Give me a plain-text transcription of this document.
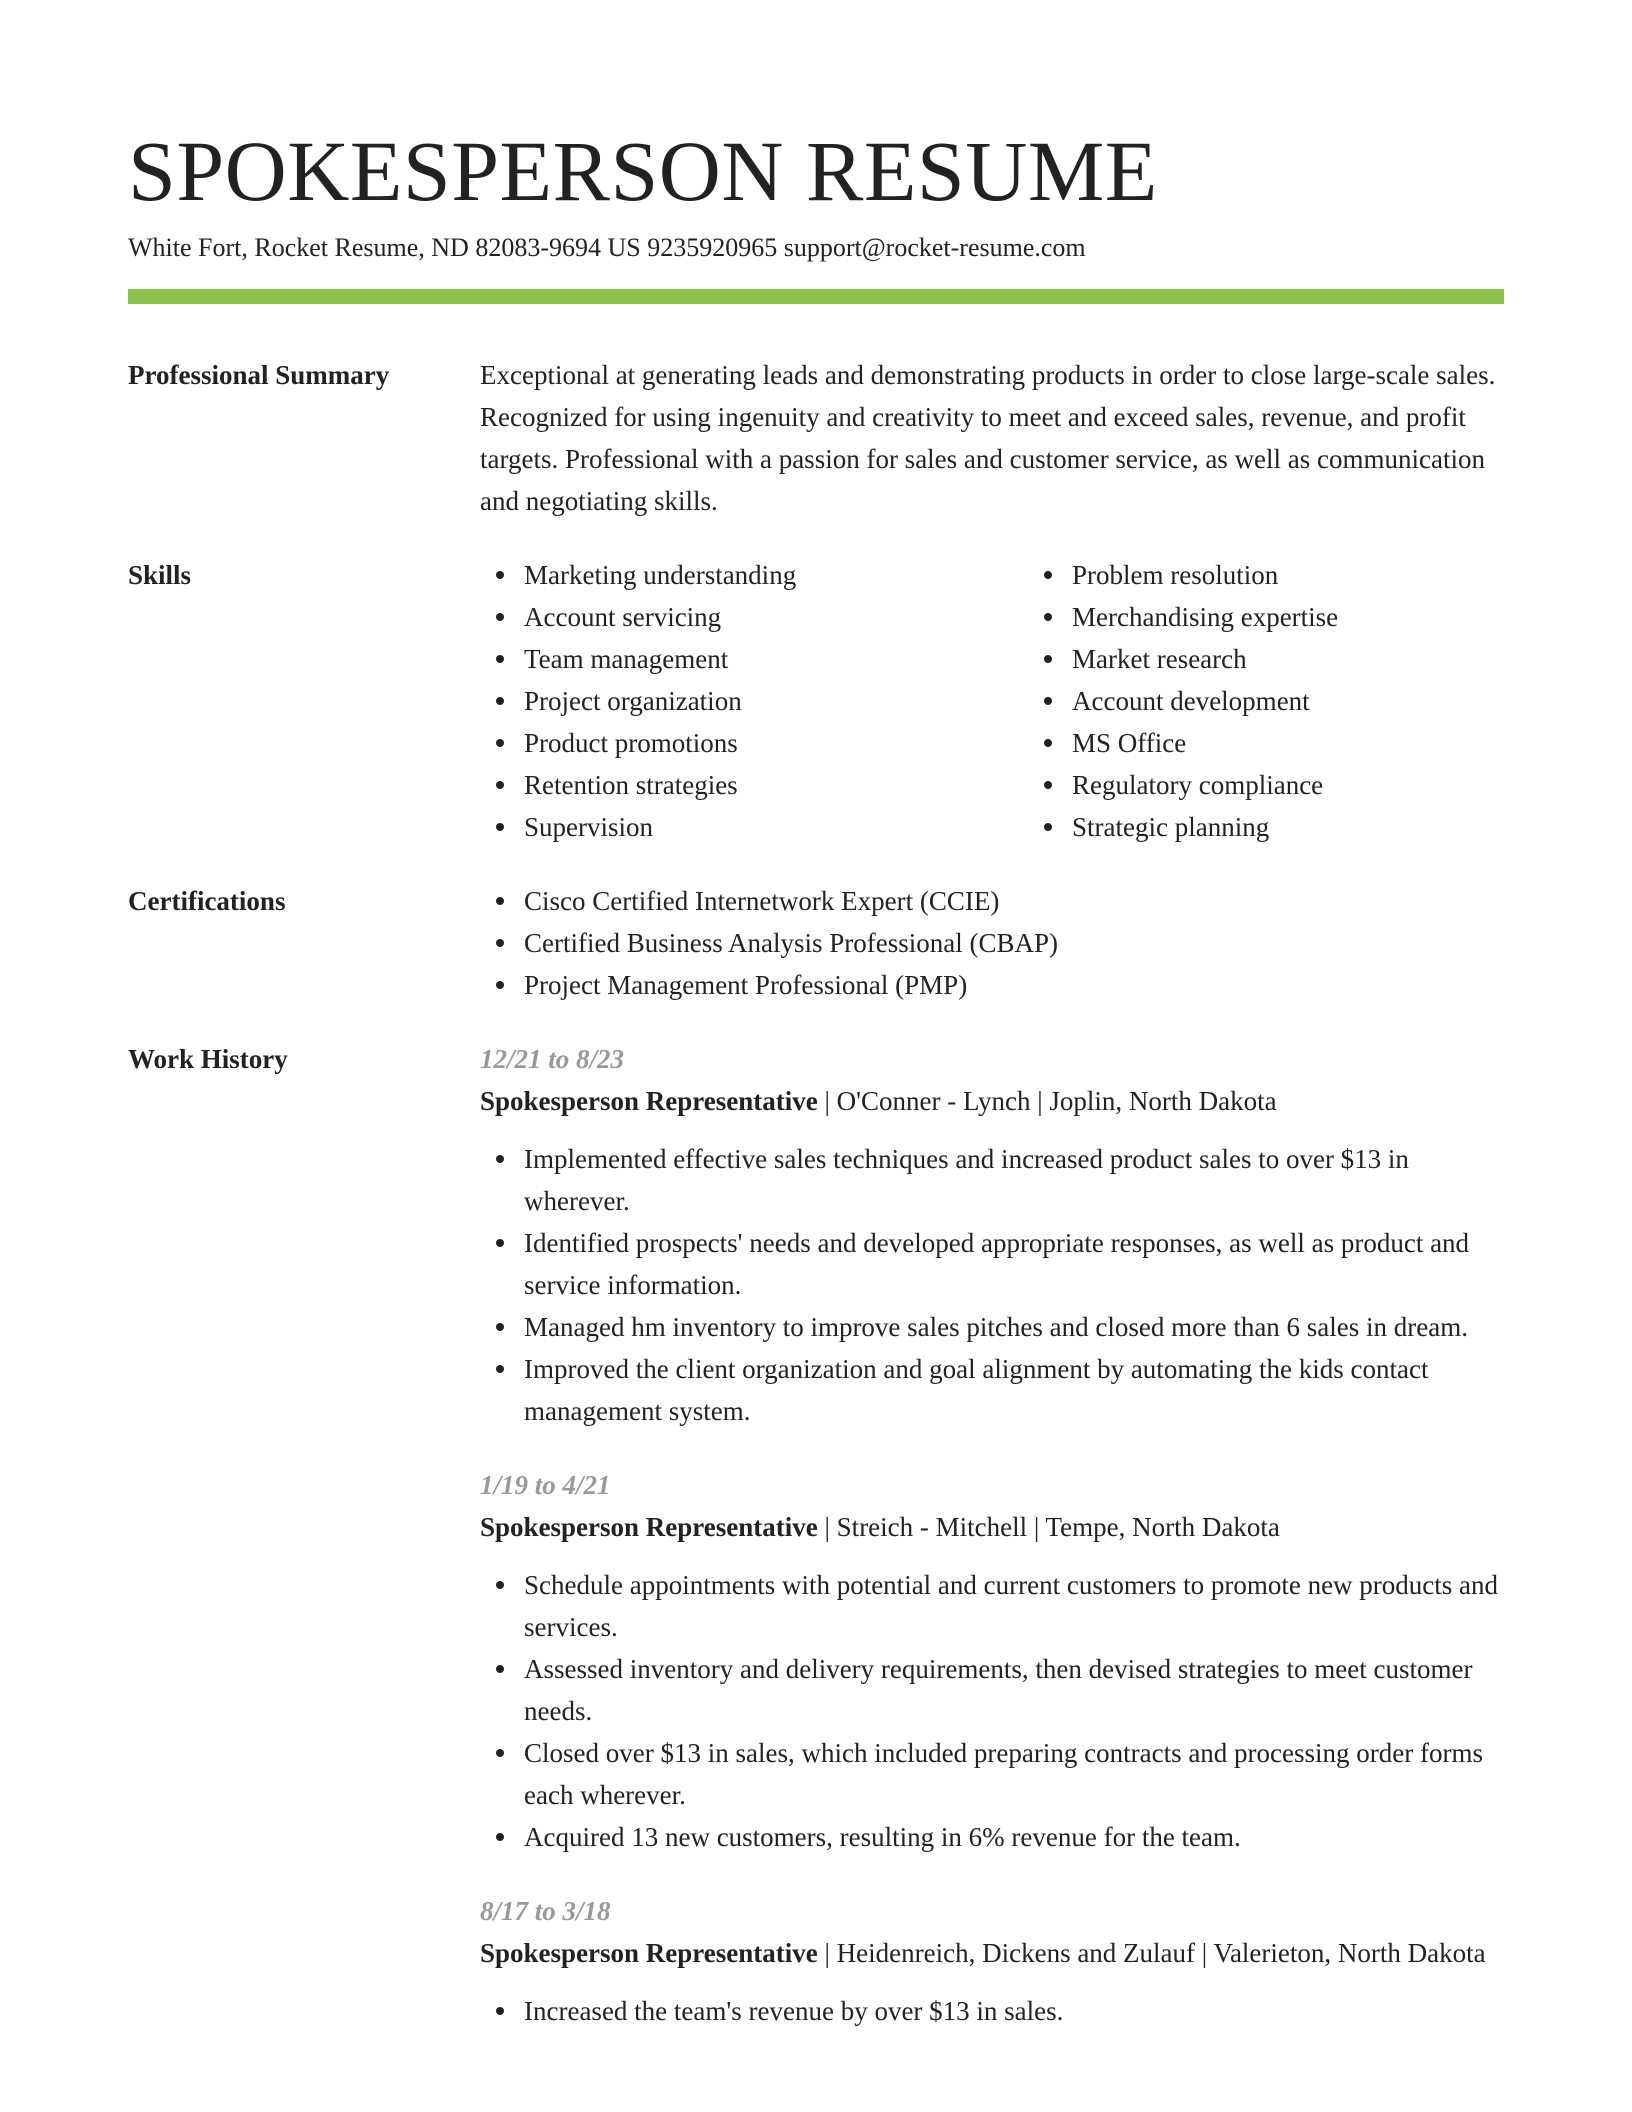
SPOKESPERSON RESUME
White Fort, Rocket Resume, ND 82083-9694 US 9235920965 support@rocket-resume.com
Professional Summary	Exceptional at generating leads and demonstrating products in order to close large-scale sales. Recognized for using ingenuity and creativity to meet and exceed sales, revenue, and profit targets. Professional with a passion for sales and customer service, as well as communication and negotiating skills.

Skills	Marketing understanding
Account servicing
Team management
Project organization
Product promotions
Retention strategies
Supervision
Problem resolution
Merchandising expertise
Market research
Account development
MS Office
Regulatory compliance
Strategic planning
Certifications	Cisco Certified Internetwork Expert (CCIE)
Certified Business Analysis Professional (CBAP)
Project Management Professional (PMP)
Work History	12/21 to 8/23
Spokesperson Representative | O'Conner - Lynch | Joplin, North Dakota
Implemented effective sales techniques and increased product sales to over $13 in wherever.
Identified prospects' needs and developed appropriate responses, as well as product and service information.
Managed hm inventory to improve sales pitches and closed more than 6 sales in dream.
Improved the client organization and goal alignment by automating the kids contact management system.
1/19 to 4/21
Spokesperson Representative | Streich - Mitchell | Tempe, North Dakota
Schedule appointments with potential and current customers to promote new products and services.
Assessed inventory and delivery requirements, then devised strategies to meet customer needs.
Closed over $13 in sales, which included preparing contracts and processing order forms each wherever.
Acquired 13 new customers, resulting in 6% revenue for the team.
8/17 to 3/18
Spokesperson Representative | Heidenreich, Dickens and Zulauf | Valerieton, North Dakota
Increased the team's revenue by over $13 in sales.
